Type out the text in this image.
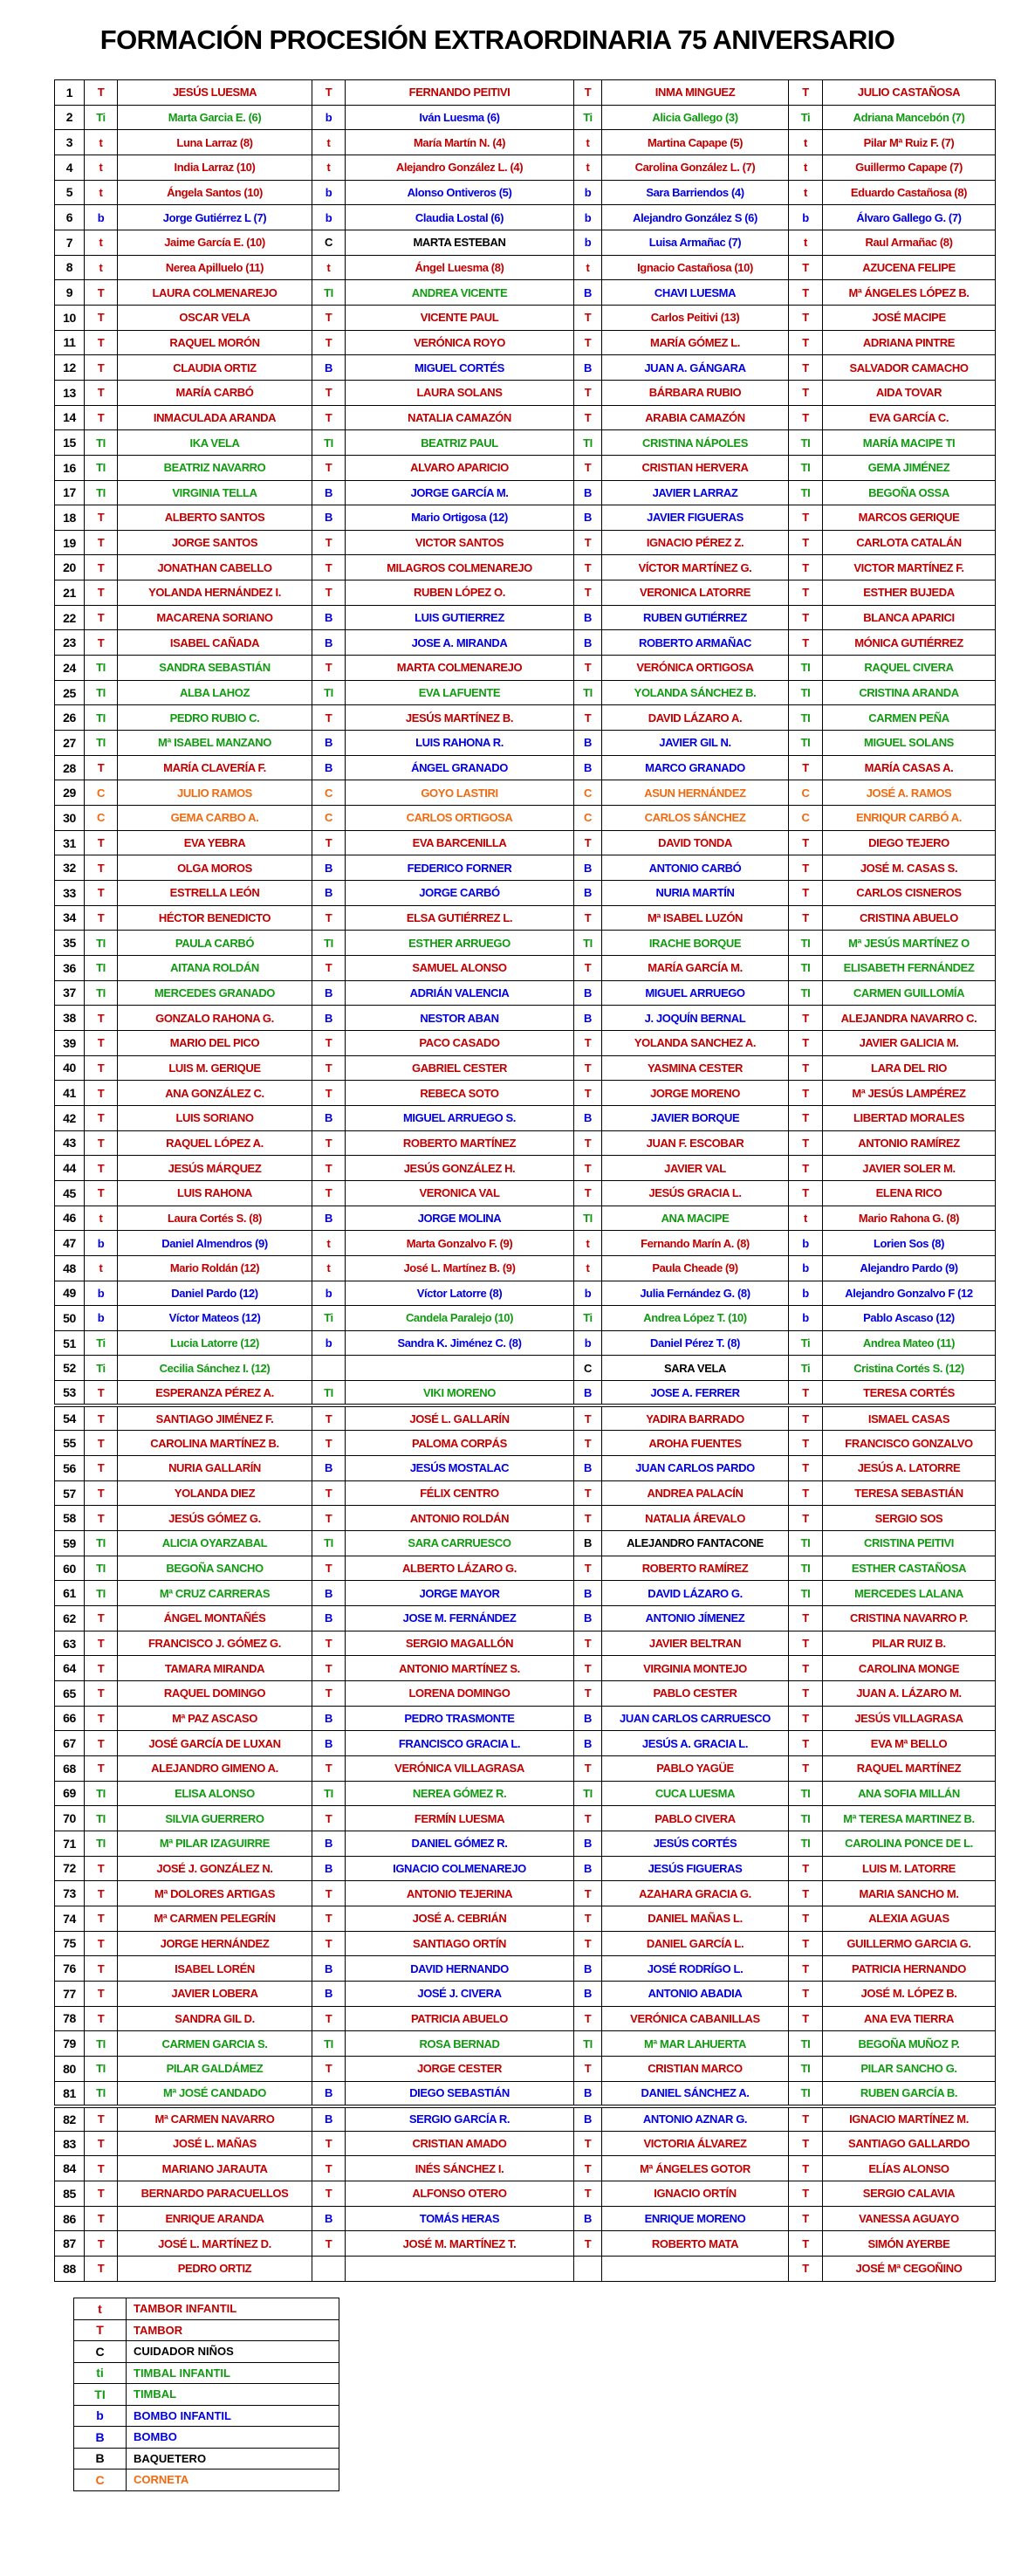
FORMACIÓN PROCESIÓN EXTRAORDINARIA 75 ANIVERSARIO
1	T	JESÚS LUESMA	T	FERNANDO PEITIVI	T	INMA MINGUEZ	T	JULIO CASTAÑOSA
2	Ti	Marta Garcia E. (6)	b	Iván Luesma (6)	Ti	Alicia Gallego (3)	Ti	Adriana Mancebón (7)
3	t	Luna Larraz (8)	t	María Martín N. (4)	t	Martina Capape (5)	t	Pilar Mª Ruiz F. (7)
4	t	India Larraz (10)	t	Alejandro González L. (4)	t	Carolina González L. (7)	t	Guillermo Capape (7)
5	t	Ángela Santos (10)	b	Alonso Ontiveros (5)	b	Sara Barriendos (4)	t	Eduardo Castañosa (8)
6	b	Jorge Gutiérrez L (7)	b	Claudia Lostal (6)	b	Alejandro González S (6)	b	Álvaro Gallego G. (7)
7	t	Jaime García E. (10)	C	MARTA ESTEBAN	b	Luisa Armañac (7)	t	Raul Armañac (8)
8	t	Nerea Apilluelo (11)	t	Ángel Luesma (8)	t	Ignacio Castañosa (10)	T	AZUCENA FELIPE
9	T	LAURA COLMENAREJO	TI	ANDREA VICENTE	B	CHAVI LUESMA	T	Mª ÁNGELES LÓPEZ B.
10	T	OSCAR VELA	T	VICENTE PAUL	T	Carlos Peitivi (13)	T	JOSÉ MACIPE
11	T	RAQUEL MORÓN	T	VERÓNICA ROYO	T	MARÍA GÓMEZ L.	T	ADRIANA PINTRE
12	T	CLAUDIA ORTIZ	B	MIGUEL CORTÉS	B	JUAN A. GÁNGARA	T	SALVADOR CAMACHO
13	T	MARÍA CARBÓ	T	LAURA SOLANS	T	BÁRBARA RUBIO	T	AIDA TOVAR
14	T	INMACULADA ARANDA	T	NATALIA CAMAZÓN	T	ARABIA CAMAZÓN	T	EVA GARCÍA C.
15	TI	IKA VELA	TI	BEATRIZ PAUL	TI	CRISTINA NÁPOLES	TI	MARÍA MACIPE TI
16	TI	BEATRIZ NAVARRO	T	ALVARO APARICIO	T	CRISTIAN HERVERA	TI	GEMA JIMÉNEZ
17	TI	VIRGINIA TELLA	B	JORGE GARCÍA M.	B	JAVIER LARRAZ	TI	BEGOÑA OSSA
18	T	ALBERTO SANTOS	B	Mario Ortigosa (12)	B	JAVIER FIGUERAS	T	MARCOS GERIQUE
19	T	JORGE SANTOS	T	VICTOR SANTOS	T	IGNACIO PÉREZ Z.	T	CARLOTA CATALÁN
20	T	JONATHAN CABELLO	T	MILAGROS COLMENAREJO	T	VÍCTOR MARTÍNEZ G.	T	VICTOR MARTÍNEZ F.
21	T	YOLANDA HERNÁNDEZ I.	T	RUBEN LÓPEZ O.	T	VERONICA LATORRE	T	ESTHER BUJEDA
22	T	MACARENA SORIANO	B	LUIS GUTIERREZ	B	RUBEN GUTIÉRREZ	T	BLANCA APARICI
23	T	ISABEL CAÑADA	B	JOSE A. MIRANDA	B	ROBERTO ARMAÑAC	T	MÓNICA GUTIÉRREZ
24	TI	SANDRA SEBASTIÁN	T	MARTA COLMENAREJO	T	VERÓNICA ORTIGOSA	TI	RAQUEL CIVERA
25	TI	ALBA LAHOZ	TI	EVA LAFUENTE	TI	YOLANDA SÁNCHEZ B.	TI	CRISTINA ARANDA
26	TI	PEDRO RUBIO C.	T	JESÚS MARTÍNEZ B.	T	DAVID LÁZARO A.	TI	CARMEN PEÑA
27	TI	Mª ISABEL MANZANO	B	LUIS RAHONA R.	B	JAVIER GIL N.	TI	MIGUEL SOLANS
28	T	MARÍA CLAVERÍA F.	B	ÁNGEL GRANADO	B	MARCO GRANADO	T	MARÍA CASAS A.
29	C	JULIO RAMOS	C	GOYO LASTIRI	C	ASUN HERNÁNDEZ	C	JOSÉ A. RAMOS
30	C	GEMA CARBO A.	C	CARLOS ORTIGOSA	C	CARLOS SÁNCHEZ	C	ENRIQUR CARBÓ A.
31	T	EVA YEBRA	T	EVA BARCENILLA	T	DAVID TONDA	T	DIEGO TEJERO
32	T	OLGA MOROS	B	FEDERICO FORNER	B	ANTONIO CARBÓ	T	JOSÉ M. CASAS S.
33	T	ESTRELLA LEÓN	B	JORGE CARBÓ	B	NURIA MARTÍN	T	CARLOS CISNEROS
34	T	HÉCTOR BENEDICTO	T	ELSA GUTIÉRREZ L.	T	Mª ISABEL LUZÓN	T	CRISTINA ABUELO
35	TI	PAULA CARBÓ	TI	ESTHER ARRUEGO	TI	IRACHE BORQUE	TI	Mª JESÚS MARTÍNEZ O
36	TI	AITANA ROLDÁN	T	SAMUEL ALONSO	T	MARÍA GARCÍA M.	TI	ELISABETH FERNÁNDEZ
37	TI	MERCEDES GRANADO	B	ADRIÁN VALENCIA	B	MIGUEL ARRUEGO	TI	CARMEN GUILLOMÍA
38	T	GONZALO RAHONA G.	B	NESTOR ABAN	B	J. JOQUÍN BERNAL	T	ALEJANDRA NAVARRO C.
39	T	MARIO DEL PICO	T	PACO CASADO	T	YOLANDA SANCHEZ A.	T	JAVIER GALICIA M.
40	T	LUIS M. GERIQUE	T	GABRIEL CESTER	T	YASMINA CESTER	T	LARA DEL RIO
41	T	ANA GONZÁLEZ C.	T	REBECA SOTO	T	JORGE MORENO	T	Mª JESÚS LAMPÉREZ
42	T	LUIS SORIANO	B	MIGUEL ARRUEGO S.	B	JAVIER BORQUE	T	LIBERTAD MORALES
43	T	RAQUEL LÓPEZ A.	T	ROBERTO MARTÍNEZ	T	JUAN F. ESCOBAR	T	ANTONIO RAMÍREZ
44	T	JESÚS MÁRQUEZ	T	JESÚS GONZÁLEZ H.	T	JAVIER VAL	T	JAVIER SOLER M.
45	T	LUIS RAHONA	T	VERONICA VAL	T	JESÚS GRACIA L.	T	ELENA RICO
46	t	Laura Cortés S. (8)	B	JORGE MOLINA	TI	ANA MACIPE	t	Mario Rahona G. (8)
47	b	Daniel Almendros (9)	t	Marta Gonzalvo F. (9)	t	Fernando Marín A. (8)	b	Lorien Sos (8)
48	t	Mario Roldán (12)	t	José L. Martínez B. (9)	t	Paula Cheade (9)	b	Alejandro Pardo (9)
49	b	Daniel Pardo (12)	b	Víctor Latorre (8)	b	Julia Fernández G. (8)	b	Alejandro Gonzalvo F (12
50	b	Víctor Mateos (12)	Ti	Candela Paralejo (10)	Ti	Andrea López T. (10)	b	Pablo Ascaso (12)
51	Ti	Lucia Latorre (12)	b	Sandra K. Jiménez C. (8)	b	Daniel Pérez T. (8)	Ti	Andrea Mateo (11)
52	Ti	Cecilia Sánchez I. (12)			C	SARA VELA	Ti	Cristina Cortés S. (12)
53	T	ESPERANZA PÉREZ A.	TI	VIKI MORENO	B	JOSE A. FERRER	T	TERESA CORTÉS
54	T	SANTIAGO JIMÉNEZ F.	T	JOSÉ L. GALLARÍN	T	YADIRA BARRADO	T	ISMAEL CASAS
55	T	CAROLINA MARTÍNEZ B.	T	PALOMA CORPÁS	T	AROHA FUENTES	T	FRANCISCO GONZALVO
56	T	NURIA GALLARÍN	B	JESÚS MOSTALAC	B	JUAN CARLOS PARDO	T	JESÚS A. LATORRE
57	T	YOLANDA DIEZ	T	FÉLIX CENTRO	T	ANDREA PALACÍN	T	TERESA SEBASTIÁN
58	T	JESÚS GÓMEZ G.	T	ANTONIO ROLDÁN	T	NATALIA ÁREVALO	T	SERGIO SOS
59	TI	ALICIA OYARZABAL	TI	SARA CARRUESCO	B	ALEJANDRO FANTACONE	TI	CRISTINA PEITIVI
60	TI	BEGOÑA SANCHO	T	ALBERTO LÁZARO G.	T	ROBERTO RAMÍREZ	TI	ESTHER CASTAÑOSA
61	TI	Mª CRUZ CARRERAS	B	JORGE MAYOR	B	DAVID LÁZARO G.	TI	MERCEDES LALANA
62	T	ÁNGEL MONTAÑÉS	B	JOSE M. FERNÁNDEZ	B	ANTONIO JÍMENEZ	T	CRISTINA NAVARRO P.
63	T	FRANCISCO J. GÓMEZ G.	T	SERGIO MAGALLÓN	T	JAVIER BELTRAN	T	PILAR RUIZ B.
64	T	TAMARA MIRANDA	T	ANTONIO MARTÍNEZ S.	T	VIRGINIA MONTEJO	T	CAROLINA MONGE
65	T	RAQUEL DOMINGO	T	LORENA DOMINGO	T	PABLO CESTER	T	JUAN A. LÁZARO M.
66	T	Mª PAZ ASCASO	B	PEDRO TRASMONTE	B	JUAN CARLOS CARRUESCO	T	JESÚS VILLAGRASA
67	T	JOSÉ GARCÍA DE LUXAN	B	FRANCISCO GRACIA L.	B	JESÚS A. GRACIA L.	T	EVA Mª BELLO
68	T	ALEJANDRO GIMENO A.	T	VERÓNICA VILLAGRASA	T	PABLO YAGÜE	T	RAQUEL MARTÍNEZ
69	TI	ELISA ALONSO	TI	NEREA GÓMEZ R.	TI	CUCA LUESMA	TI	ANA SOFIA MILLÁN
70	TI	SILVIA GUERRERO	T	FERMÍN LUESMA	T	PABLO CIVERA	TI	Mª TERESA MARTINEZ B.
71	TI	Mª PILAR IZAGUIRRE	B	DANIEL GÓMEZ R.	B	JESÚS CORTÉS	TI	CAROLINA PONCE DE L.
72	T	JOSÉ J. GONZÁLEZ N.	B	IGNACIO COLMENAREJO	B	JESÚS FIGUERAS	T	LUIS M. LATORRE
73	T	Mª DOLORES ARTIGAS	T	ANTONIO TEJERINA	T	AZAHARA GRACIA G.	T	MARIA SANCHO M.
74	T	Mª CARMEN PELEGRÍN	T	JOSÉ A. CEBRIÁN	T	DANIEL MAÑAS L.	T	ALEXIA AGUAS
75	T	JORGE HERNÁNDEZ	T	SANTIAGO ORTÍN	T	DANIEL GARCÍA L.	T	GUILLERMO GARCIA G.
76	T	ISABEL LORÉN	B	DAVID HERNANDO	B	JOSÉ RODRÍGO L.	T	PATRICIA HERNANDO
77	T	JAVIER LOBERA	B	JOSÉ J. CIVERA	B	ANTONIO ABADIA	T	JOSÉ M. LÓPEZ B.
78	T	SANDRA GIL D.	T	PATRICIA ABUELO	T	VERÓNICA CABANILLAS	T	ANA EVA TIERRA
79	TI	CARMEN GARCIA S.	TI	ROSA BERNAD	TI	Mª MAR LAHUERTA	TI	BEGOÑA MUÑOZ P.
80	TI	PILAR GALDÁMEZ	T	JORGE CESTER	T	CRISTIAN MARCO	TI	PILAR SANCHO G.
81	TI	Mª JOSÉ CANDADO	B	DIEGO SEBASTIÁN	B	DANIEL SÁNCHEZ A.	TI	RUBEN GARCÍA B.
82	T	Mª CARMEN NAVARRO	B	SERGIO GARCÍA R.	B	ANTONIO AZNAR G.	T	IGNACIO MARTÍNEZ M.
83	T	JOSÉ L. MAÑAS	T	CRISTIAN AMADO	T	VICTORIA ÁLVAREZ	T	SANTIAGO GALLARDO
84	T	MARIANO JARAUTA	T	INÉS SÁNCHEZ I.	T	Mª ÁNGELES GOTOR	T	ELÍAS ALONSO
85	T	BERNARDO PARACUELLOS	T	ALFONSO OTERO	T	IGNACIO ORTÍN	T	SERGIO CALAVIA
86	T	ENRIQUE ARANDA	B	TOMÁS HERAS	B	ENRIQUE MORENO	T	VANESSA AGUAYO
87	T	JOSÉ L. MARTÍNEZ D.	T	JOSÉ M. MARTÍNEZ T.	T	ROBERTO MATA	T	SIMÓN AYERBE
88	T	PEDRO ORTIZ					T	JOSÉ Mª CEGOÑINO
t	TAMBOR INFANTIL
T	TAMBOR
C	CUIDADOR NIÑOS
ti	TIMBAL INFANTIL
TI	TIMBAL
b	BOMBO INFANTIL
B	BOMBO
B	BAQUETERO
C	CORNETA
